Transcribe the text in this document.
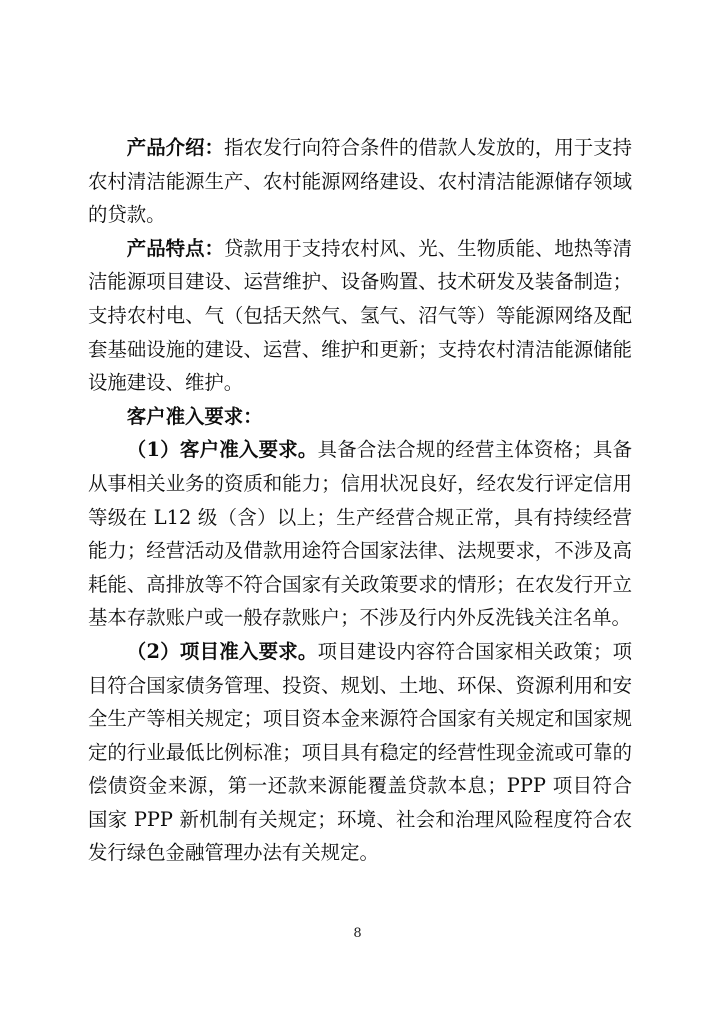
产品介绍：指农发行向符合条件的借款人发放的，用于支持农村清洁能源生产、农村能源网络建设、农村清洁能源储存领域的贷款。

产品特点：贷款用于支持农村风、光、生物质能、地热等清洁能源项目建设、运营维护、设备购置、技术研发及装备制造；支持农村电、气（包括天然气、氢气、沼气等）等能源网络及配套基础设施的建设、运营、维护和更新；支持农村清洁能源储能设施建设、维护。

客户准入要求：

（1）客户准入要求。具备合法合规的经营主体资格；具备从事相关业务的资质和能力；信用状况良好，经农发行评定信用等级在 L12 级（含）以上；生产经营合规正常，具有持续经营能力；经营活动及借款用途符合国家法律、法规要求，不涉及高耗能、高排放等不符合国家有关政策要求的情形；在农发行开立基本存款账户或一般存款账户；不涉及行内外反洗钱关注名单。

（2）项目准入要求。项目建设内容符合国家相关政策；项目符合国家债务管理、投资、规划、土地、环保、资源利用和安全生产等相关规定；项目资本金来源符合国家有关规定和国家规定的行业最低比例标准；项目具有稳定的经营性现金流或可靠的偿债资金来源，第一还款来源能覆盖贷款本息；PPP 项目符合国家 PPP 新机制有关规定；环境、社会和治理风险程度符合农发行绿色金融管理办法有关规定。

8
